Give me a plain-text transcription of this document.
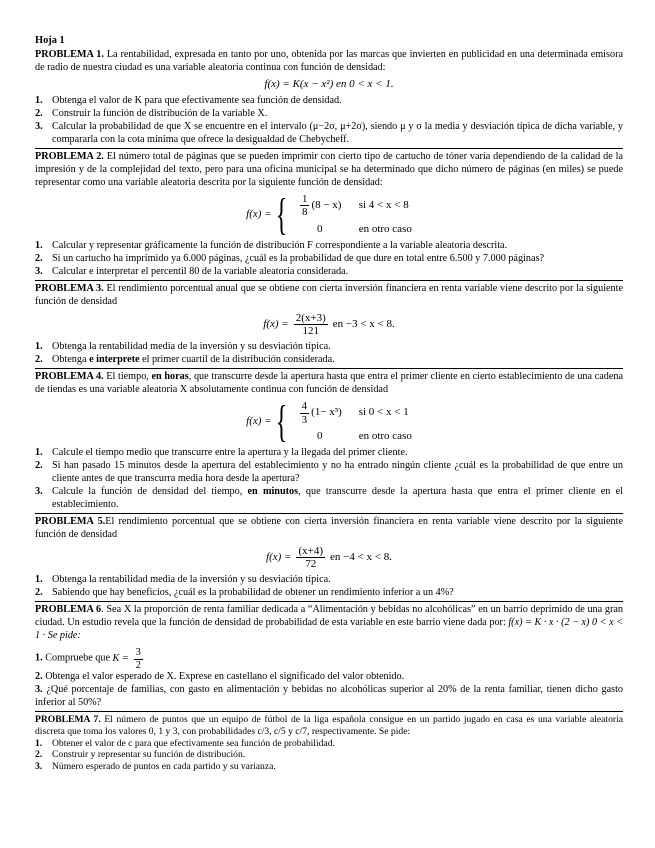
Hoja 1

PROBLEMA 1. La rentabilidad, expresada en tanto por uno, obtenida por las marcas que invierten en publicidad en una determinada emisora de radio de nuestra ciudad es una variable aleatoria continua con función de densidad:

f(x) = K(x − x²) en 0 < x < 1.
1. Obtenga el valor de K para que efectivamente sea función de densidad.
2. Construir la función de distribución de la variable X.
3. Calcular la probabilidad de que X se encuentre en el intervalo (μ−2σ, μ+2σ), siendo μ y σ la media y desviación típica de dicha variable, y compararla con la cota mínima que ofrece la desigualdad de Chebycheff.

PROBLEMA 2. El número total de páginas que se pueden imprimir con cierto tipo de cartucho de tóner varía dependiendo de la calidad de la impresión y de la complejidad del texto, pero para una oficina municipal se ha determinado que dicho número de páginas (en miles) se puede representar como una variable aleatoria descrita por la siguiente función de densidad:

f(x) = { $\frac{1}{8} (8 - x)$ si 4 < x < 8
0	en otro caso
1. Calcular y representar gráficamente la función de distribución F correspondiente a la variable aleatoria descrita.
2. Si un cartucho ha imprimido ya 6.000 páginas, ¿cuál es la probabilidad de que dure en total entre 6.500 y 7.000 páginas?
3. Calcular e interpretar el percentil 80 de la variable aleatoria considerada.

PROBLEMA 3. El rendimiento porcentual anual que se obtiene con cierta inversión financiera en renta variable viene descrito por la siguiente función de densidad

$f(x) = \frac{2(x+3)}{121}$ en −3 < x < 8.
1. Obtenga la rentabilidad media de la inversión y su desviación típica.
2. Obtenga e interprete el primer cuartil de la distribución considerada.

PROBLEMA 4. El tiempo, en horas, que transcurre desde la apertura hasta que entra el primer cliente en cierto establecimiento de una cadena de tiendas es una variable aleatoria X absolutamente continua con función de densidad

f(x) = { $\frac{4}{3} (1- x^3)$ si 0 < x < 1
0	en otro caso
1. Calcule el tiempo medio que transcurre entre la apertura y la llegada del primer cliente.
2. Si han pasado 15 minutos desde la apertura del establecimiento y no ha entrado ningún cliente ¿cuál es la probabilidad de que entre un cliente antes de que transcurra media hora desde la apertura?
3. Calcule la función de densidad del tiempo, en minutos, que transcurre desde la apertura hasta que entra el primer cliente en el establecimiento.

PROBLEMA 5.El rendimiento porcentual que se obtiene con cierta inversión financiera en renta variable viene descrito por la siguiente función de densidad

$f(x) = \frac{(x+4)}{72}$ en −4 < x < 8.
1. Obtenga la rentabilidad media de la inversión y su desviación típica.
2. Sabiendo que hay beneficios, ¿cuál es la probabilidad de obtener un rendimiento inferior a un 4%?

PROBLEMA 6. Sea X la proporción de renta familiar dedicada a “Alimentación y bebidas no alcohólicas” en un barrio deprimido de una gran ciudad. Un estudio revela que la función de densidad de probabilidad de esta variable en este barrio viene dada por: f(x) = K · x · (2 − x) 0 < x < 1 · Se pide:

1. Compruebe que $K = \frac{3}{2}$

2. Obtenga el valor esperado de X. Exprese en castellano el significado del valor obtenido.

3. ¿Qué porcentaje de familias, con gasto en alimentación y bebidas no alcohólicas superior al 20% de la renta familiar, tienen dicho gasto inferior al 50%?

PROBLEMA 7. El número de puntos que un equipo de fútbol de la liga española consigue en un partido jugado en casa es una variable aleatoria discreta que toma los valores 0, 1 y 3, con probabilidades c/3, c/5 y c/7, respectivamente. Se pide:

1. Obtener el valor de c para que efectivamente sea función de probabilidad.
2. Construir y representar su función de distribución.
3. Número esperado de puntos en cada partido y su varianza.
